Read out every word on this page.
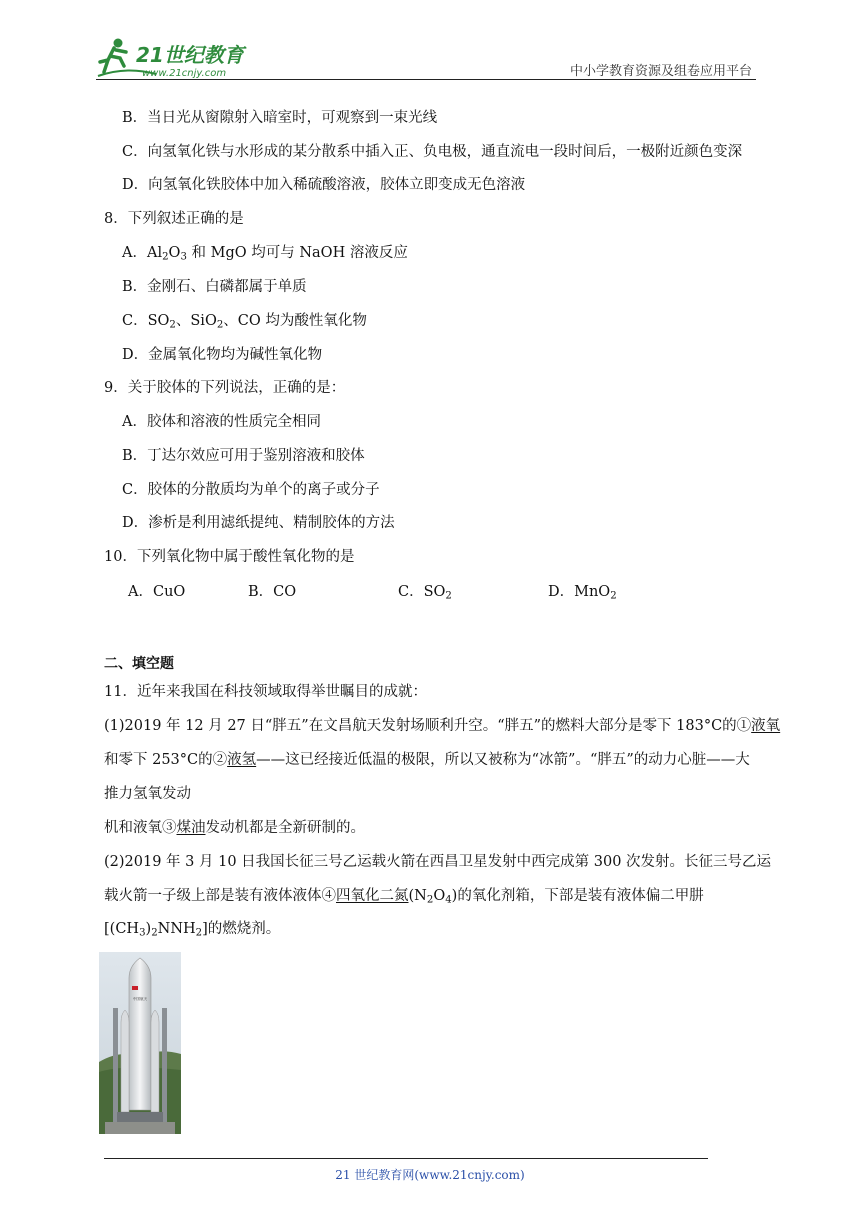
21世纪教育
www.21cnjy.com	中小学教育资源及组卷应用平台
B．当日光从窗隙射入暗室时，可观察到一束光线
C．向氢氧化铁与水形成的某分散系中插入正、负电极，通直流电一段时间后，一极附近颜色变深
D．向氢氧化铁胶体中加入稀硫酸溶液，胶体立即变成无色溶液
8．下列叙述正确的是
A．$Al_2O_3$ 和 MgO 均可与 NaOH 溶液反应
B．金刚石、白磷都属于单质
C．$SO_2$、SiO$_2$、CO 均为酸性氧化物
D．金属氧化物均为碱性氧化物
9．关于胶体的下列说法，正确的是：
A．胶体和溶液的性质完全相同
B．丁达尔效应可用于鉴别溶液和胶体
C．胶体的分散质均为单个的离子或分子
D．渗析是利用滤纸提纯、精制胶体的方法
10．下列氧化物中属于酸性氧化物的是
A．CuO	B．CO	C．$SO_2$	D．MnO$_2$
二、填空题
11．近年来我国在科技领域取得举世瞩目的成就：
(1)2019 年 12 月 27 日“胖五”在文昌航天发射场顺利升空。“胖五”的燃料大部分是零下 183°C的①液氧
和零下 253°C的②液氢——这已经接近低温的极限，所以又被称为“冰箭”。“胖五”的动力心脏——大
推力氢氧发动
机和液氧③煤油发动机都是全新研制的。
(2)2019 年 3 月 10 日我国长征三号乙运载火箭在西昌卫星发射中西完成第 300 次发射。长征三号乙运
载火箭一子级上部是装有液体液体④四氧化二氮$(N_2O_4)$的氧化剂箱，下部是装有液体偏二甲肼
$[(CH_3)_2NNH_2]$的燃烧剂。
中国航天
21 世纪教育网(www.21cnjy.com)
